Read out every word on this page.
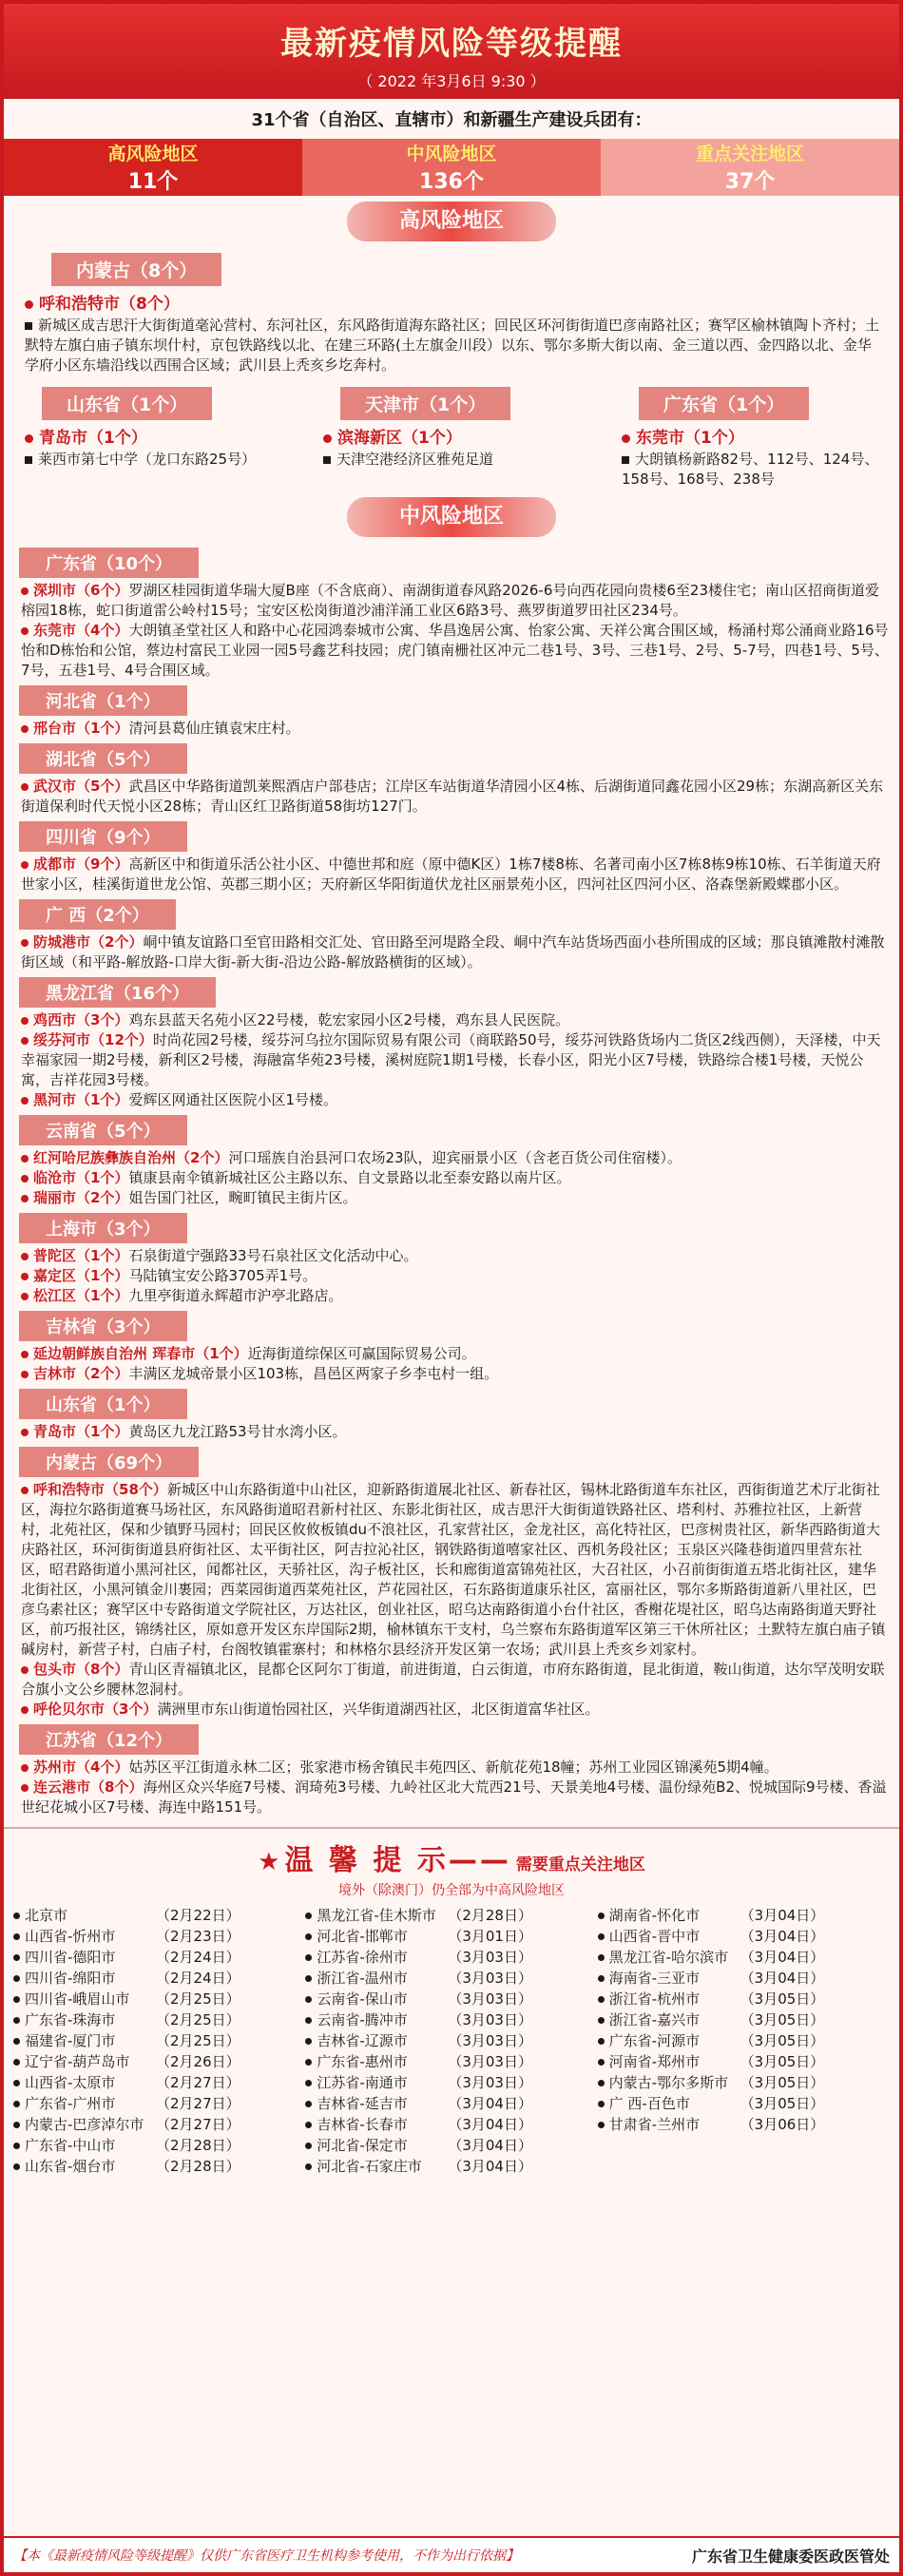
最新疫情风险等级提醒
（ 2022 年3月6日 9:30 ）
31个省（自治区、直辖市）和新疆生产建设兵团有：
高风险地区
11个
中风险地区
136个
重点关注地区
37个
高风险地区
内蒙古（8个）
呼和浩特市（8个）
新城区成吉思汗大街街道毫沁营村、东河社区，东风路街道海东路社区；回民区环河街街道巴彦南路社区；赛罕区榆林镇陶卜齐村；土默特左旗白庙子镇东坝什村，京包铁路线以北、在建三环路(土左旗金川段）以东、鄂尔多斯大街以南、金三道以西、金四路以北、金华学府小区东墙沿线以西围合区域；武川县上秃亥乡圪奔村。
山东省（1个）
青岛市（1个）
莱西市第七中学（龙口东路25号）
天津市（1个）
滨海新区（1个）
天津空港经济区雅苑足道
广东省（1个）
东莞市（1个）
大朗镇杨新路82号、112号、124号、158号、168号、238号
中风险地区
广东省（10个）
深圳市（6个）罗湖区桂园街道华瑞大厦B座（不含底商）、南湖街道春风路2026-6号向西花园向贵楼6至23楼住宅；南山区招商街道爱榕园18栋，蛇口街道雷公岭村15号；宝安区松岗街道沙浦洋涌工业区6路3号、燕罗街道罗田社区234号。
东莞市（4个）大朗镇圣堂社区人和路中心花园鸿泰城市公寓、华昌逸居公寓、怡家公寓、天祥公寓合围区域，杨涌村郑公涌商业路16号怡和D栋怡和公馆，蔡边村富民工业园一园5号鑫艺科技园；虎门镇南栅社区冲元二巷1号、3号、三巷1号、2号、5-7号，四巷1号、5号、7号，五巷1号、4号合围区域。
河北省（1个）
邢台市（1个）清河县葛仙庄镇袁宋庄村。
湖北省（5个）
武汉市（5个）武昌区中华路街道凯莱熙酒店户部巷店；江岸区车站街道华清园小区4栋、后湖街道同鑫花园小区29栋；东湖高新区关东街道保利时代天悦小区28栋；青山区红卫路街道58街坊127门。
四川省（9个）
成都市（9个）高新区中和街道乐活公社小区、中德世邦和庭（原中德K区）1栋7楼8栋、名著司南小区7栋8栋9栋10栋、石羊街道天府世家小区，桂溪街道世龙公馆、英郡三期小区；天府新区华阳街道伏龙社区丽景苑小区，四河社区四河小区、洛森堡新殿蝶郡小区。
广 西（2个）
防城港市（2个）峒中镇友谊路口至官田路相交汇处、官田路至河堤路全段、峒中汽车站货场西面小巷所围成的区域；那良镇滩散村滩散街区域（和平路-解放路-口岸大街-新大街-沿边公路-解放路横街的区域）。
黑龙江省（16个）
鸡西市（3个）鸡东县蓝天名苑小区22号楼，乾宏家园小区2号楼，鸡东县人民医院。
绥芬河市（12个）时尚花园2号楼，绥芬河乌拉尔国际贸易有限公司（商联路50号，绥芬河铁路货场内二货区2线西侧），天泽楼，中天幸福家园一期2号楼，新利区2号楼，海融富华苑23号楼，溪树庭院1期1号楼，长春小区，阳光小区7号楼，铁路综合楼1号楼，天悦公寓，吉祥花园3号楼。
黑河市（1个）爱辉区网通社区医院小区1号楼。
云南省（5个）
红河哈尼族彝族自治州（2个）河口瑶族自治县河口农场23队，迎宾丽景小区（含老百货公司住宿楼）。
临沧市（1个）镇康县南伞镇新城社区公主路以东、自文景路以北至泰安路以南片区。
瑞丽市（2个）姐告国门社区，畹町镇民主街片区。
上海市（3个）
普陀区（1个）石泉街道宁强路33号石泉社区文化活动中心。
嘉定区（1个）马陆镇宝安公路3705弄1号。
松江区（1个）九里亭街道永辉超市沪亭北路店。
吉林省（3个）
延边朝鲜族自治州 珲春市（1个）近海街道综保区可赢国际贸易公司。
吉林市（2个）丰满区龙城帝景小区103栋，昌邑区两家子乡李屯村一组。
山东省（1个）
青岛市（1个）黄岛区九龙江路53号甘水湾小区。
内蒙古（69个）
呼和浩特市（58个）新城区中山东路街道中山社区，迎新路街道展北社区、新春社区，锡林北路街道车东社区，西街街道艺术厅北街社区，海拉尔路街道赛马场社区，东风路街道昭君新村社区、东影北街社区，成吉思汗大街街道铁路社区、塔利村、苏雅拉社区，上新营村，北苑社区，保和少镇野马园村；回民区攸攸板镇du不浪社区，孔家营社区，金龙社区，高化特社区，巴彦树贵社区，新华西路街道大庆路社区，环河街街道县府街社区、太平街社区，阿吉拉沁社区，钢铁路街道嘻家社区、西机务段社区；玉泉区兴隆巷街道四里营东社区，昭君路街道小黑河社区，闻都社区，天骄社区，沟子板社区，长和廊街道富锦苑社区，大召社区，小召前街街道五塔北街社区，建华北街社区，小黑河镇金川裹园；西菜园街道西菜苑社区，芦花园社区，石东路街道康乐社区，富丽社区，鄂尔多斯路街道新八里社区，巴彦乌素社区；赛罕区中专路街道文学院社区，万达社区，创业社区，昭乌达南路街道小台什社区，香榭花堤社区，昭乌达南路街道天野社区，前巧报社区，锦绣社区，原如意开发区东岸国际2期，榆林镇东干支村，乌兰察布东路街道军区第三干休所社区；土默特左旗白庙子镇碱房村，新营子村，白庙子村，台阁牧镇霍寨村；和林格尔县经济开发区第一农场；武川县上秃亥乡刘家村。
包头市（8个）青山区青福镇北区，昆都仑区阿尔丁街道，前进街道，白云街道，市府东路街道，昆北街道，鞍山街道，达尔罕茂明安联合旗小文公乡腰林忽洞村。
呼伦贝尔市（3个）满洲里市东山街道怡园社区，兴华街道湖西社区，北区街道富华社区。
江苏省（12个）
苏州市（4个）姑苏区平江街道永林二区；张家港市杨舍镇民丰苑四区、新航花苑18幢；苏州工业园区锦溪苑5期4幢。
连云港市（8个）海州区众兴华庭7号楼、润琦苑3号楼、九岭社区北大荒西21号、天景美地4号楼、温份绿苑B2、悦城国际9号楼、香溢世纪花城小区7号楼、海连中路151号。
★ 温 馨 提 示—— 需要重点关注地区
境外（除澳门）仍全部为中高风险地区
北京市	（2月22日）
山西省-忻州市	（2月23日）
四川省-德阳市	（2月24日）
四川省-绵阳市	（2月24日）
四川省-峨眉山市	（2月25日）
广东省-珠海市	（2月25日）
福建省-厦门市	（2月25日）
辽宁省-葫芦岛市	（2月26日）
山西省-太原市	（2月27日）
广东省-广州市	（2月27日）
内蒙古-巴彦淖尔市 （2月27日）
广东省-中山市	（2月28日）
山东省-烟台市	（2月28日）
黑龙江省-佳木斯市 （2月28日）
河北省-邯郸市	（3月01日）
江苏省-徐州市	（3月03日）
浙江省-温州市	（3月03日）
云南省-保山市	（3月03日）
云南省-腾冲市	（3月03日）
吉林省-辽源市	（3月03日）
广东省-惠州市	（3月03日）
江苏省-南通市	（3月03日）
吉林省-延吉市	（3月04日）
吉林省-长春市	（3月04日）
河北省-保定市	（3月04日）
河北省-石家庄市	（3月04日）
湖南省-怀化市	（3月04日）
山西省-晋中市	（3月04日）
黑龙江省-哈尔滨市 （3月04日）
海南省-三亚市	（3月04日）
浙江省-杭州市	（3月05日）
浙江省-嘉兴市	（3月05日）
广东省-河源市	（3月05日）
河南省-郑州市	（3月05日）
内蒙古-鄂尔多斯市 （3月05日）
广 西-百色市	（3月05日）
甘肃省-兰州市	（3月06日）
【本《最新疫情风险等级提醒》仅供广东省医疗卫生机构参考使用，不作为出行依据】	广东省卫生健康委医政医管处
